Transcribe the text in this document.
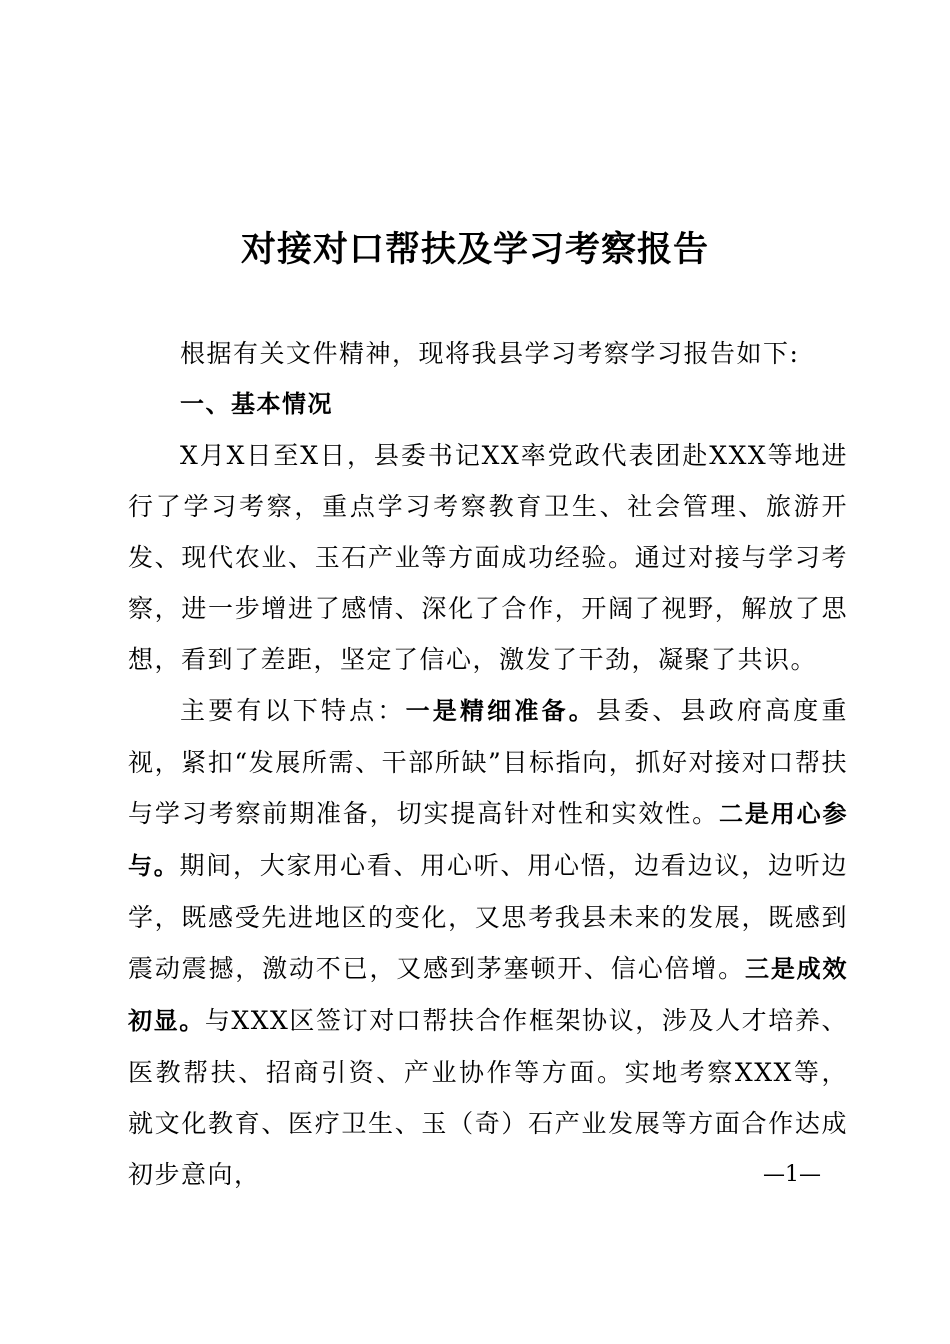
对接对口帮扶及学习考察报告

根据有关文件精神，现将我县学习考察学习报告如下:

一、基本情况

X月X日至X日，县委书记XX率党政代表团赴XXX等地进行了学习考察，重点学习考察教育卫生、社会管理、旅游开发、现代农业、玉石产业等方面成功经验。通过对接与学习考察，进一步增进了感情、深化了合作，开阔了视野，解放了思想，看到了差距，坚定了信心，激发了干劲，凝聚了共识。

主要有以下特点：一是精细准备。县委、县政府高度重视，紧扣“发展所需、干部所缺”目标指向，抓好对接对口帮扶与学习考察前期准备，切实提高针对性和实效性。二是用心参与。期间，大家用心看、用心听、用心悟，边看边议，边听边学，既感受先进地区的变化，又思考我县未来的发展，既感到震动震撼，激动不已，又感到茅塞顿开、信心倍增。三是成效初显。与XXX区签订对口帮扶合作框架协议，涉及人才培养、医教帮扶、招商引资、产业协作等方面。实地考察XXX等，就文化教育、医疗卫生、玉（奇）石产业发展等方面合作达成初步意向，	—1—
